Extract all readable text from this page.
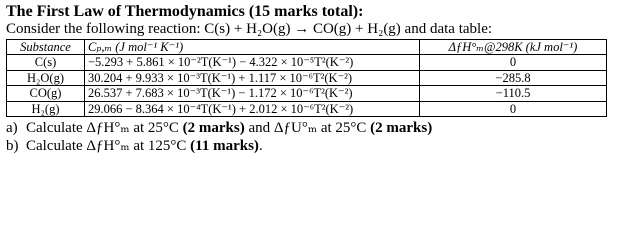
The First Law of Thermodynamics (15 marks total):
Consider the following reaction: C(s) + H₂O(g) → CO(g) + H₂(g) and data table:
Substance	Cₚ,ₘ (J mol⁻¹ K⁻¹)	ΔƒH°ₘ@298K (kJ mol⁻¹)
C(s)	−5.293 + 5.861 × 10⁻²T(K⁻¹) − 4.322 × 10⁻⁵T²(K⁻²)	0
H₂O(g)	30.204 + 9.933 × 10⁻³T(K⁻¹) + 1.117 × 10⁻⁶T²(K⁻²)	−285.8
CO(g)	26.537 + 7.683 × 10⁻³T(K⁻¹) − 1.172 × 10⁻⁶T²(K⁻²)	−110.5
H₂(g)	29.066 − 8.364 × 10⁻⁴T(K⁻¹) + 2.012 × 10⁻⁶T²(K⁻²)	0
a) Calculate ΔƒH°ₘ at 25°C (2 marks) and ΔƒU°ₘ at 25°C (2 marks)
b) Calculate ΔƒH°ₘ at 125°C (11 marks).
